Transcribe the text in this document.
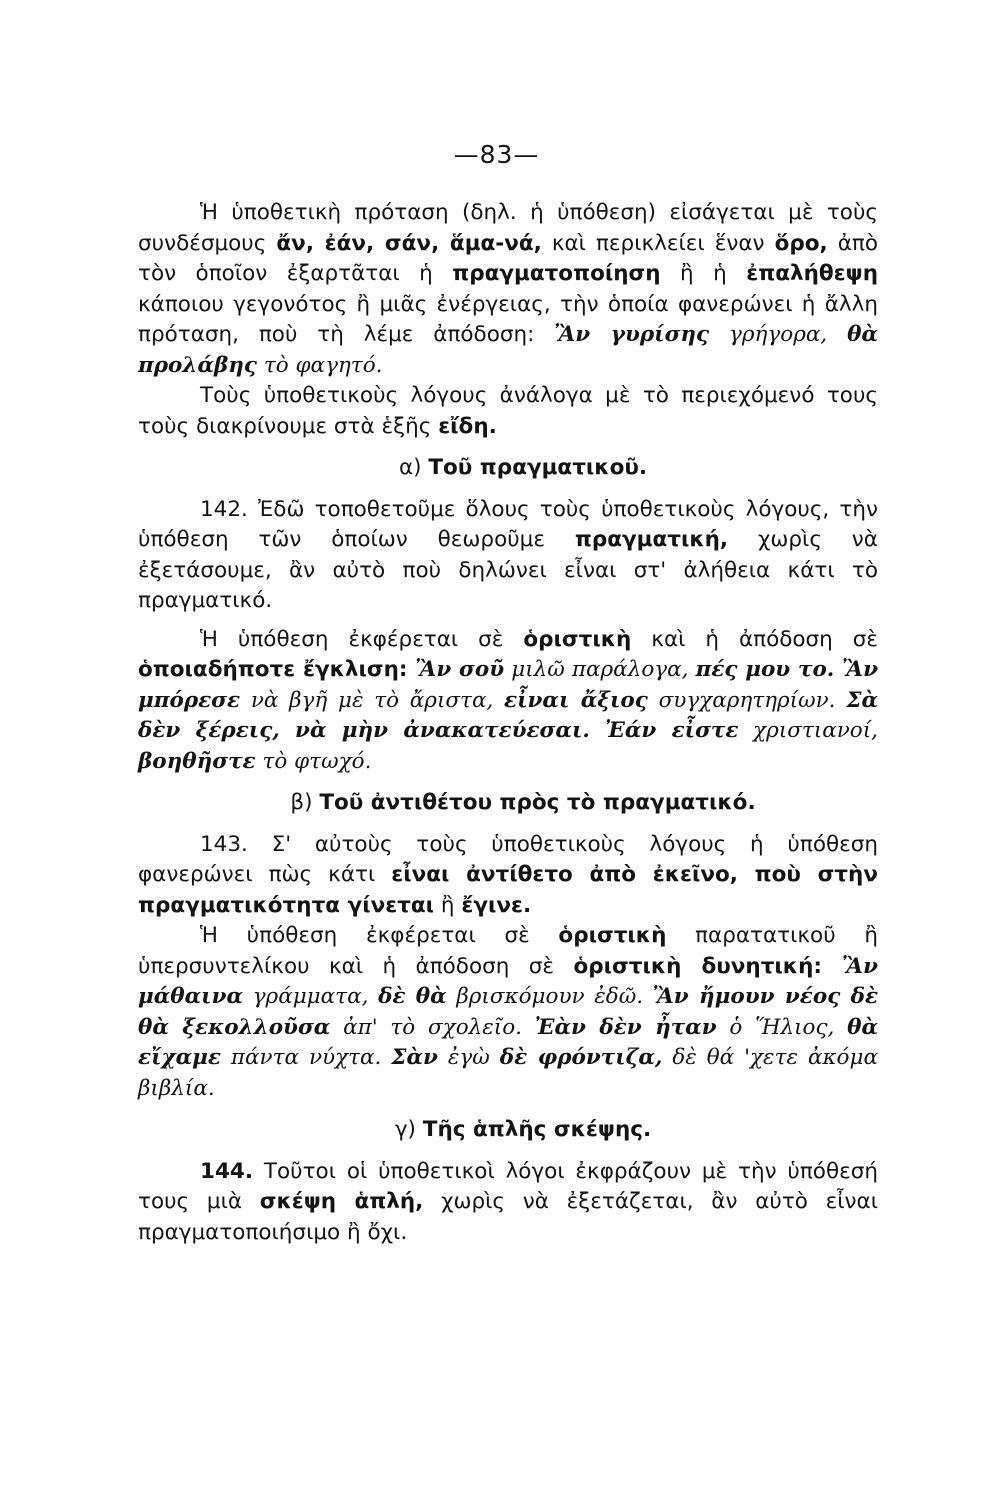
—83—

Ἡ ὑποθετικὴ πρόταση (δηλ. ἡ ὑπόθεση) εἰσάγεται μὲ τοὺς συνδέσμους ἄν, ἐάν, σάν, ἅμα-νά, καὶ περικλείει ἕναν ὅρο, ἀπὸ τὸν ὁποῖον ἐξαρτᾶται ἡ πραγματοποίηση ἢ ἡ ἐπαλήθεψη κάποιου γεγονότος ἢ μιᾶς ἐνέργειας, τὴν ὁποία φανερώνει ἡ ἄλλη πρόταση, ποὺ τὴ λέμε ἀπόδοση: Ἂν γυρίσης γρήγορα, θὰ προλάβης τὸ φαγητό.

Τοὺς ὑποθετικοὺς λόγους ἀνάλογα μὲ τὸ περιεχόμενό τους τοὺς διακρίνουμε στὰ ἑξῆς εἴδη.

α) Τοῦ πραγματικοῦ.

142. Ἐδῶ τοποθετοῦμε ὅλους τοὺς ὑποθετικοὺς λόγους, τὴν ὑπόθεση τῶν ὁποίων θεωροῦμε πραγματική, χωρὶς νὰ ἐξετάσουμε, ἂν αὐτὸ ποὺ δηλώνει εἶναι στ' ἀλήθεια κάτι τὸ πραγματικό.

Ἡ ὑπόθεση ἐκφέρεται σὲ ὁριστικὴ καὶ ἡ ἀπόδοση σὲ ὁποιαδήποτε ἔγκλιση: Ἂν σοῦ μιλῶ παράλογα, πές μου το. Ἂν μπόρεσε νὰ βγῆ μὲ τὸ ἄριστα, εἶναι ἄξιος συγχαρητηρίων. Σὰ δὲν ξέρεις, νὰ μὴν ἀνακατεύεσαι. Ἐάν εἶστε χριστιανοί, βοηθῆστε τὸ φτωχό.

β) Τοῦ ἀντιθέτου πρὸς τὸ πραγματικό.

143. Σ' αὐτοὺς τοὺς ὑποθετικοὺς λόγους ἡ ὑπόθεση φανερώνει πὼς κάτι εἶναι ἀντίθετο ἀπὸ ἐκεῖνο, ποὺ στὴν πραγματικότητα γίνεται ἢ ἔγινε.

Ἡ ὑπόθεση ἐκφέρεται σὲ ὁριστικὴ παρατατικοῦ ἢ ὑπερσυντελίκου καὶ ἡ ἀπόδοση σὲ ὁριστικὴ δυνητική: Ἂν μάθαινα γράμματα, δὲ θὰ βρισκόμουν ἐδῶ. Ἂν ἤμουν νέος δὲ θὰ ξεκολλοῦσα ἀπ' τὸ σχολεῖο. Ἐὰν δὲν ἦταν ὁ Ἥλιος, θὰ εἴχαμε πάντα νύχτα. Σὰν ἐγὼ δὲ φρόντιζα, δὲ θά 'χετε ἀκόμα βιβλία.

γ) Τῆς ἁπλῆς σκέψης.

144. Τοῦτοι οἱ ὑποθετικοὶ λόγοι ἐκφράζουν μὲ τὴν ὑπόθεσή τους μιὰ σκέψη ἁπλή, χωρὶς νὰ ἐξετάζεται, ἂν αὐτὸ εἶναι πραγματοποιήσιμο ἢ ὄχι.
